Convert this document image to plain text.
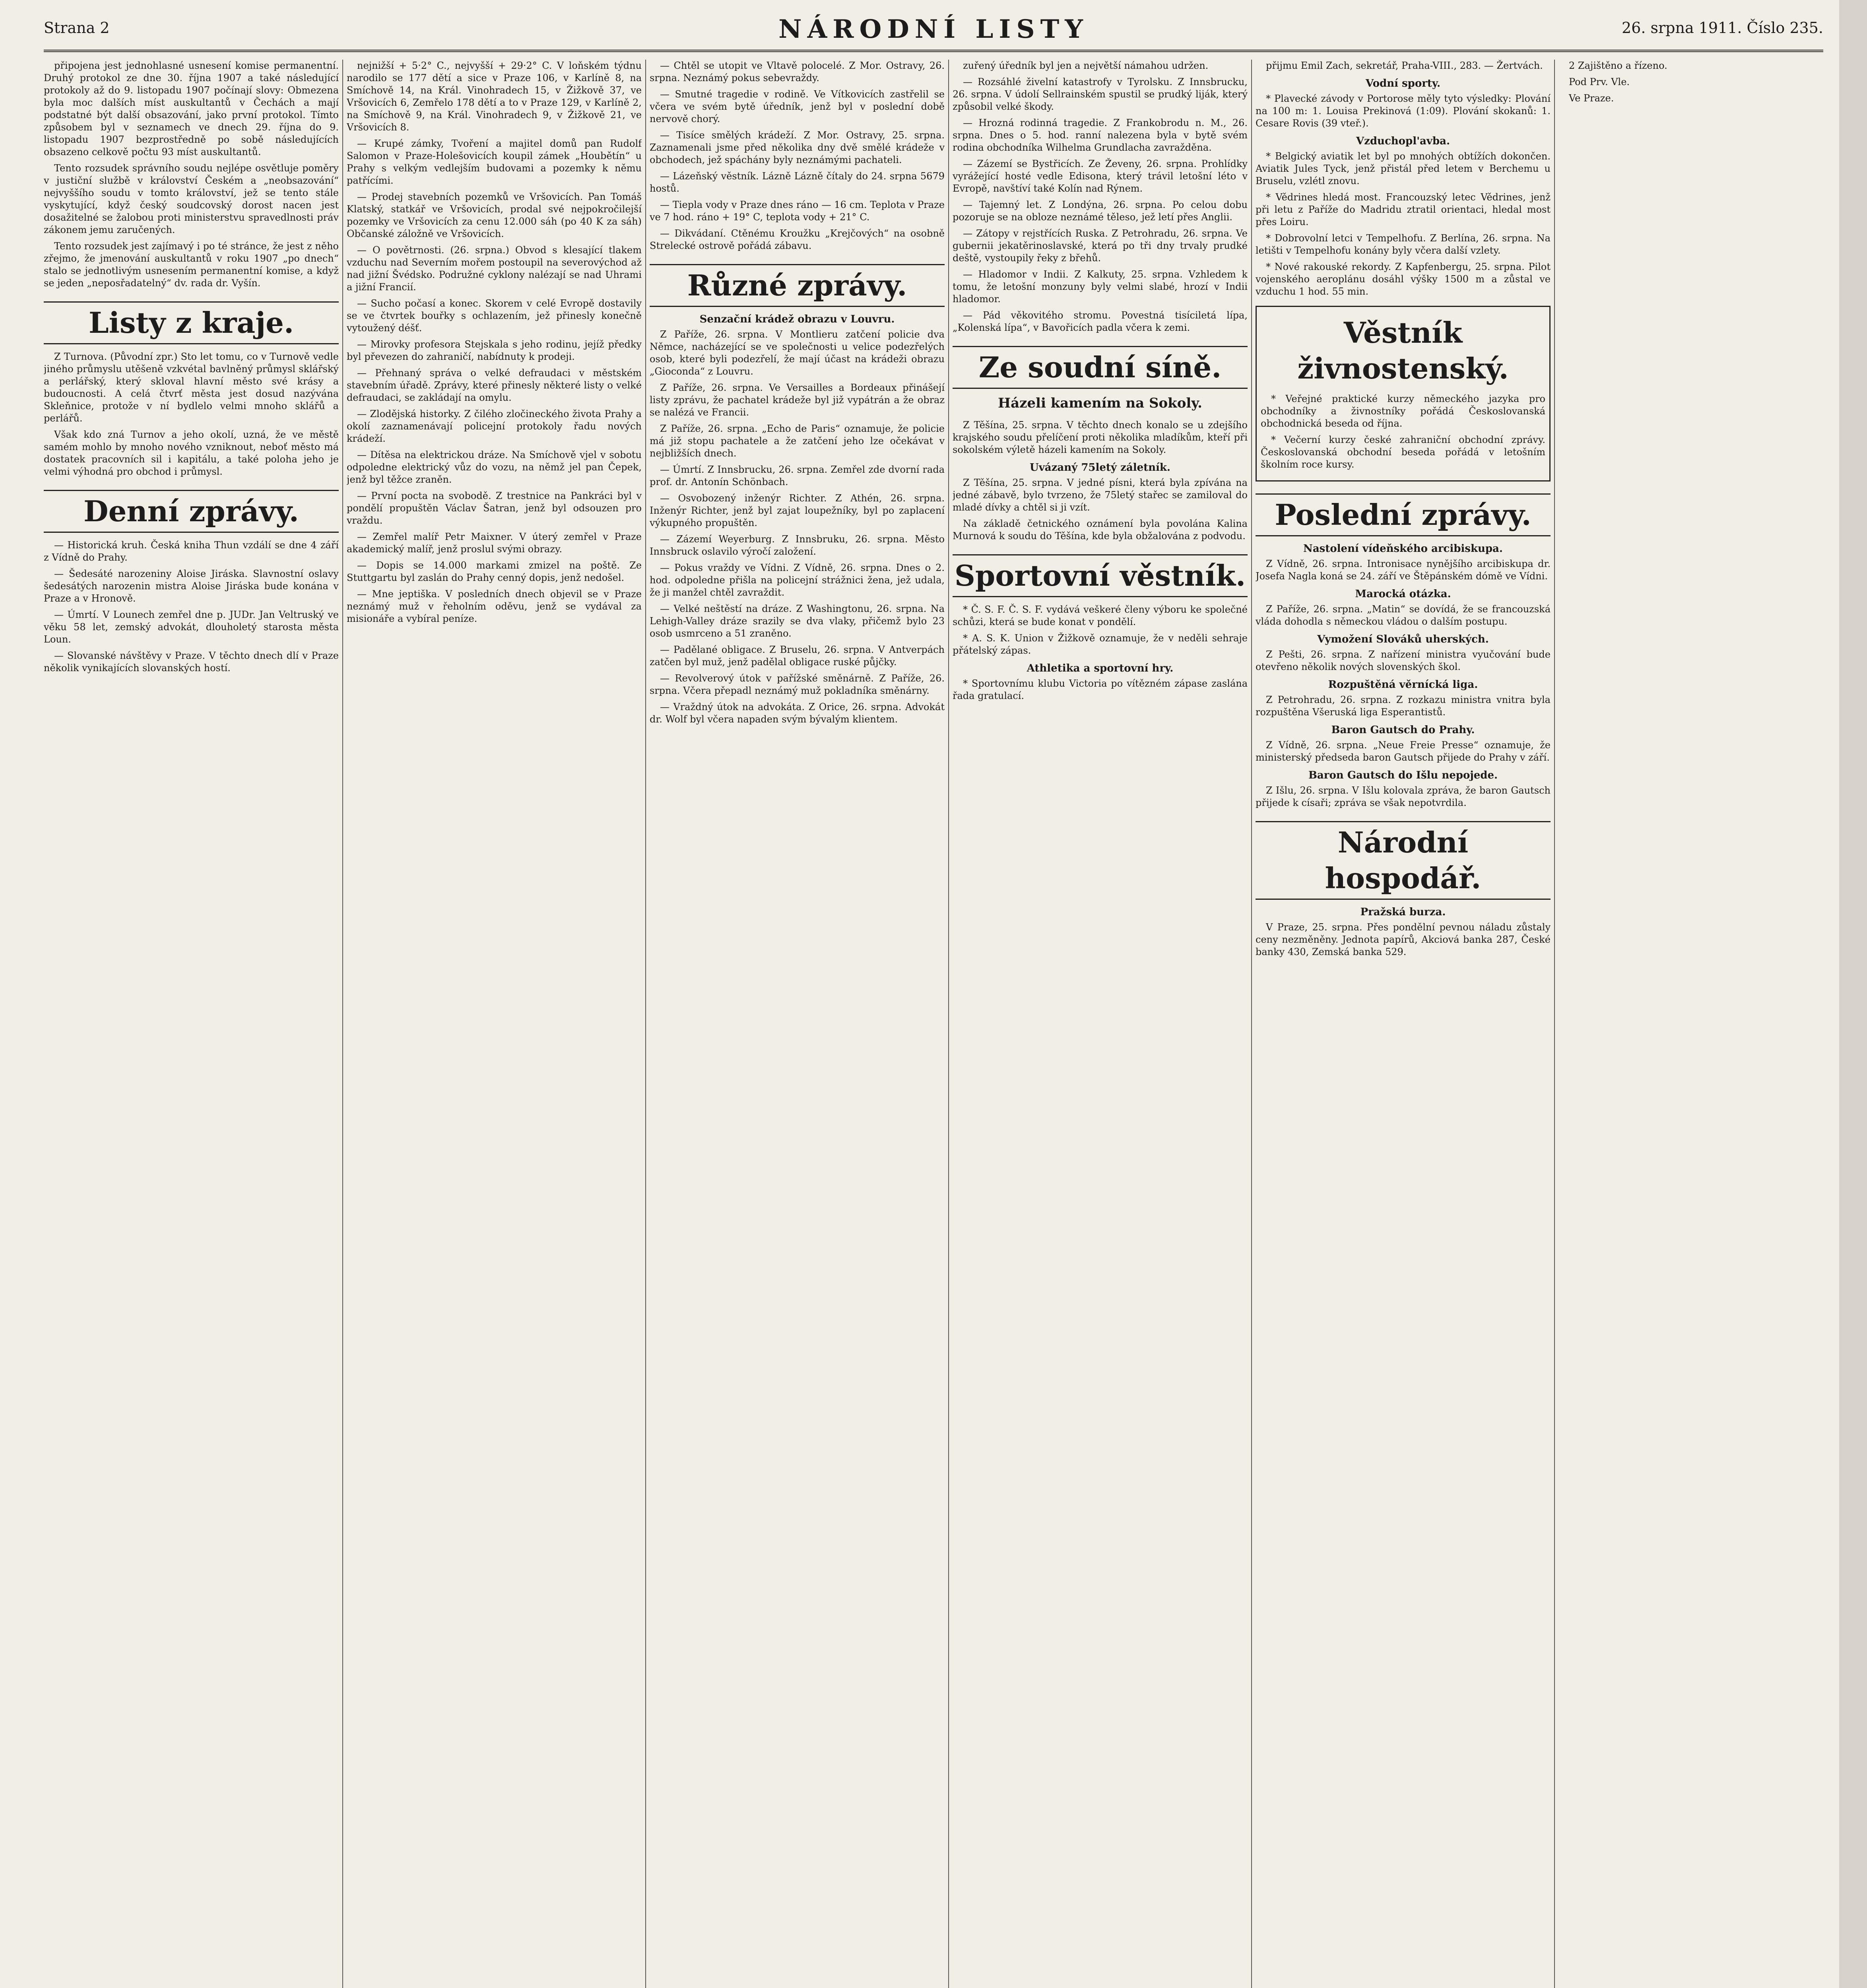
Strana 2	NÁRODNÍ LISTY	26. srpna 1911. Číslo 235.

připojena jest jednohlasné usnesení komise permanentní. Druhý protokol ze dne 30. října 1907 a také následující protokoly až do 9. listopadu 1907 počínají slovy: Obmezena byla moc dalších míst auskultantů v Čechách a mají podstatné být další obsazování, jako první protokol. Tímto způsobem byl v seznamech ve dnech 29. října do 9. listopadu 1907 bezprostředně po sobě následujících obsazeno celkově počtu 93 míst auskultantů.

Tento rozsudek správního soudu nejlépe osvětluje poměry v justiční službě v království Českém a „neobsazování“ nejvyššího soudu v tomto království, jež se tento stále vyskytující, když český soudcovský dorost nacen jest dosažitelné se žalobou proti ministerstvu spravedlnosti práv zákonem jemu zaručených.

Tento rozsudek jest zajímavý i po té stránce, že jest z něho zřejmo, že jmenování auskultantů v roku 1907 „po dnech“ stalo se jednotlivým usnesením permanentní komise, a když se jeden „neposřadatelný“ dv. rada dr. Vyšín.

Listy z kraje.

Z Turnova. (Původní zpr.) Sto let tomu, co v Turnově vedle jiného průmyslu utěšeně vzkvétal bavlněný průmysl sklářský a perlářský, který skloval hlavní město své krásy a budoucnosti. A celá čtvrť města jest dosud nazývána Skleňnice, protože v ní bydlelo velmi mnoho sklářů a perlářů.

Však kdo zná Turnov a jeho okolí, uzná, že ve městě samém mohlo by mnoho nového vzniknout, neboť město má dostatek pracovních sil i kapitálu, a také poloha jeho je velmi výhodná pro obchod i průmysl.

Denní zprávy.

— Historická kruh. Česká kniha Thun vzdálí se dne 4 září z Vídně do Prahy.

— Šedesáté narozeniny Aloise Jiráska. Slavnostní oslavy šedesátých narozenin mistra Aloise Jiráska bude konána v Praze a v Hronově.

— Úmrtí. V Lounech zemřel dne p. JUDr. Jan Veltruský ve věku 58 let, zemský advokát, dlouholetý starosta města Loun.

— Slovanské návštěvy v Praze. V těchto dnech dlí v Praze několik vynikajících slovanských hostí.

nejnižší + 5·2° C., nejvyšší + 29·2° C. V loňském týdnu narodilo se 177 dětí a sice v Praze 106, v Karlíně 8, na Smíchově 14, na Král. Vinohradech 15, v Žižkově 37, ve Vršovicích 6, Zemřelo 178 dětí a to v Praze 129, v Karlíně 2, na Smíchově 9, na Král. Vinohradech 9, v Žižkově 21, ve Vršovicích 8.

— Krupé zámky, Tvoření a majitel domů pan Rudolf Salomon v Praze-Holešovicích koupil zámek „Houbětín“ u Prahy s velkým vedlejším budovami a pozemky k němu patřícími.

— Prodej stavebních pozemků ve Vršovicích. Pan Tomáš Klatský, statkář ve Vršovicích, prodal své nejpokročilejší pozemky ve Vršovicích za cenu 12.000 sáh (po 40 K za sáh) Občanské záložně ve Vršovicích.

— O povětrnosti. (26. srpna.) Obvod s klesající tlakem vzduchu nad Severním mořem postoupil na severovýchod až nad jižní Švédsko. Podružné cyklony nalézají se nad Uhrami a jižní Francií.

— Sucho počasí a konec. Skorem v celé Evropě dostavily se ve čtvrtek bouřky s ochlazením, jež přinesly konečně vytoužený déšť.

— Mirovky profesora Stejskala s jeho rodinu, jejíž předky byl převezen do zahraničí, nabídnuty k prodeji.

— Přehnaný správa o velké defraudaci v městském stavebním úřadě. Zprávy, které přinesly některé listy o velké defraudaci, se zakládají na omylu.

— Zlodějská historky. Z čilého zločineckého života Prahy a okolí zaznamenávají policejní protokoly řadu nových krádeží.

— Dítěsa na elektrickou dráze. Na Smíchově vjel v sobotu odpoledne elektrický vůz do vozu, na němž jel pan Čepek, jenž byl těžce zraněn.

— První pocta na svobodě. Z trestnice na Pankráci byl v pondělí propuštěn Václav Šatran, jenž byl odsouzen pro vraždu.

— Zemřel malíř Petr Maixner. V úterý zemřel v Praze akademický malíř, jenž proslul svými obrazy.

— Dopis se 14.000 markami zmizel na poště. Ze Stuttgartu byl zaslán do Prahy cenný dopis, jenž nedošel.

— Mne jeptiška. V posledních dnech objevil se v Praze neznámý muž v řeholním oděvu, jenž se vydával za misionáře a vybíral peníze.

— Chtěl se utopit ve Vltavě polocelé. Z Mor. Ostravy, 26. srpna. Neznámý pokus sebevraždy.

— Smutné tragedie v rodině. Ve Vítkovicích zastřelil se včera ve svém bytě úředník, jenž byl v poslední době nervově chorý.

— Tisíce smělých krádeží. Z Mor. Ostravy, 25. srpna. Zaznamenali jsme před několika dny dvě smělé krádeže v obchodech, jež spáchány byly neznámými pachateli.

— Lázeňský věstník. Lázně Lázně čítaly do 24. srpna 5679 hostů.

— Tiepla vody v Praze dnes ráno — 16 cm. Teplota v Praze ve 7 hod. ráno + 19° C, teplota vody + 21° C.

— Dikvádaní. Ctěnému Kroužku „Krejčových“ na osobně Strelecké ostrově pořádá zábavu.

Různé zprávy.
Senzační krádež obrazu v Louvru.

Z Paříže, 26. srpna. V Montlieru zatčení policie dva Němce, nacházející se ve společnosti u velice podezřelých osob, které byli podezřelí, že mají účast na krádeži obrazu „Gioconda“ z Louvru.

Z Paříže, 26. srpna. Ve Versailles a Bordeaux přinášejí listy zprávu, že pachatel krádeže byl již vypátrán a že obraz se nalézá ve Francii.

Z Paříže, 26. srpna. „Echo de Paris“ oznamuje, že policie má již stopu pachatele a že zatčení jeho lze očekávat v nejbližších dnech.

— Úmrtí. Z Innsbrucku, 26. srpna. Zemřel zde dvorní rada prof. dr. Antonín Schönbach.

— Osvobozený inženýr Richter. Z Athén, 26. srpna. Inženýr Richter, jenž byl zajat loupežníky, byl po zaplacení výkupného propuštěn.

— Zázemí Weyerburg. Z Innsbruku, 26. srpna. Město Innsbruck oslavilo výročí založení.

— Pokus vraždy ve Vídni. Z Vídně, 26. srpna. Dnes o 2. hod. odpoledne přišla na policejní strážnici žena, jež udala, že ji manžel chtěl zavraždit.

— Velké neštěstí na dráze. Z Washingtonu, 26. srpna. Na Lehigh-Valley dráze srazily se dva vlaky, přičemž bylo 23 osob usmrceno a 51 zraněno.

— Padělané obligace. Z Bruselu, 26. srpna. V Antverpách zatčen byl muž, jenž padělal obligace ruské půjčky.

— Revolverový útok v pařížské směnárně. Z Paříže, 26. srpna. Včera přepadl neznámý muž pokladníka směnárny.

— Vraždný útok na advokáta. Z Orice, 26. srpna. Advokát dr. Wolf byl včera napaden svým bývalým klientem.

zuřený úředník byl jen a největší námahou udržen.

— Rozsáhlé živelní katastrofy v Tyrolsku. Z Innsbrucku, 26. srpna. V údolí Sellrainském spustil se prudký liják, který způsobil velké škody.

— Hrozná rodinná tragedie. Z Frankobrodu n. M., 26. srpna. Dnes o 5. hod. ranní nalezena byla v bytě svém rodina obchodníka Wilhelma Grundlacha zavražděna.

— Zázemí se Bystřicích. Ze Ževeny, 26. srpna. Prohlídky vyrážející hosté vedle Edisona, který trávil letošní léto v Evropě, navštíví také Kolín nad Rýnem.

— Tajemný let. Z Londýna, 26. srpna. Po celou dobu pozoruje se na obloze neznámé těleso, jež letí přes Anglii.

— Zátopy v rejstřících Ruska. Z Petrohradu, 26. srpna. Ve gubernii jekatěrinoslavské, která po tři dny trvaly prudké deště, vystoupily řeky z břehů.

— Hladomor v Indii. Z Kalkuty, 25. srpna. Vzhledem k tomu, že letošní monzuny byly velmi slabé, hrozí v Indii hladomor.

— Pád věkovitého stromu. Povestná tisíciletá lípa, „Kolenská lípa“, v Bavořicích padla včera k zemi.

Ze soudní síně.
Házeli kamením na Sokoly.

Z Těšína, 25. srpna. V těchto dnech konalo se u zdejšího krajského soudu přelíčení proti několika mladíkům, kteří při sokolském výletě házeli kamením na Sokoly.

Uvázaný 75letý záletník.

Z Těšína, 25. srpna. V jedné písni, která byla zpívána na jedné zábavě, bylo tvrzeno, že 75letý stařec se zamiloval do mladé dívky a chtěl si ji vzít.

Na základě četnického oznámení byla povolána Kalina Murnová k soudu do Těšína, kde byla obžalována z podvodu.

Sportovní věstník.

* Č. S. F. Č. S. F. vydává veškeré členy výboru ke společné schůzi, která se bude konat v pondělí.

* A. S. K. Union v Žižkově oznamuje, že v neděli sehraje přátelský zápas.

Athletika a sportovní hry.

* Sportovnímu klubu Victoria po vítězném zápase zaslána řada gratulací.

přijmu Emil Zach, sekretář, Praha-VIII., 283. — Žertvách.

Vodní sporty.

* Plavecké závody v Portorose měly tyto výsledky: Plování na 100 m: 1. Louisa Prekinová (1:09). Plování skokanů: 1. Cesare Rovis (39 vteř.).

Vzduchopl'avba.

* Belgický aviatik let byl po mnohých obtížích dokončen. Aviatik Jules Tyck, jenž přistál před letem v Berchemu u Bruselu, vzlétl znovu.

* Vědrines hledá most. Francouzský letec Vědrines, jenž při letu z Paříže do Madridu ztratil orientaci, hledal most přes Loiru.

* Dobrovolní letci v Tempelhofu. Z Berlína, 26. srpna. Na letišti v Tempelhofu konány byly včera další vzlety.

* Nové rakouské rekordy. Z Kapfenbergu, 25. srpna. Pilot vojenského aeroplánu dosáhl výšky 1500 m a zůstal ve vzduchu 1 hod. 55 min.

Věstník živnostenský.

* Veřejné praktické kurzy německého jazyka pro obchodníky a živnostníky pořádá Českoslovanská obchodnická beseda od října.

* Večerní kurzy české zahraniční obchodní zprávy. Českoslovanská obchodní beseda pořádá v letošním školním roce kursy.

Poslední zprávy.
Nastolení vídeňského arcibiskupa.

Z Vídně, 26. srpna. Intronisace nynějšího arcibiskupa dr. Josefa Nagla koná se 24. září ve Štěpánském dómě ve Vídni.

Marocká otázka.

Z Paříže, 26. srpna. „Matin“ se dovídá, že se francouzská vláda dohodla s německou vládou o dalším postupu.

Vymožení Slováků uherských.

Z Pešti, 26. srpna. Z nařízení ministra vyučování bude otevřeno několik nových slovenských škol.

Rozpuštěná věrnícká liga.

Z Petrohradu, 26. srpna. Z rozkazu ministra vnitra byla rozpuštěna Všeruská liga Esperantistů.

Baron Gautsch do Prahy.

Z Vídně, 26. srpna. „Neue Freie Presse“ oznamuje, že ministerský předseda baron Gautsch přijede do Prahy v září.

Baron Gautsch do Išlu nepojede.

Z Išlu, 26. srpna. V Išlu kolovala zpráva, že baron Gautsch přijede k císaři; zpráva se však nepotvrdila.

Národní hospodář.
Pražská burza.

V Praze, 25. srpna. Přes pondělní pevnou náladu zůstaly ceny nezměněny. Jednota papírů, Akciová banka 287, České banky 430, Zemská banka 529.

2 Zajištěno a řízeno.

Pod Prv. Vle.

Ve Praze.
